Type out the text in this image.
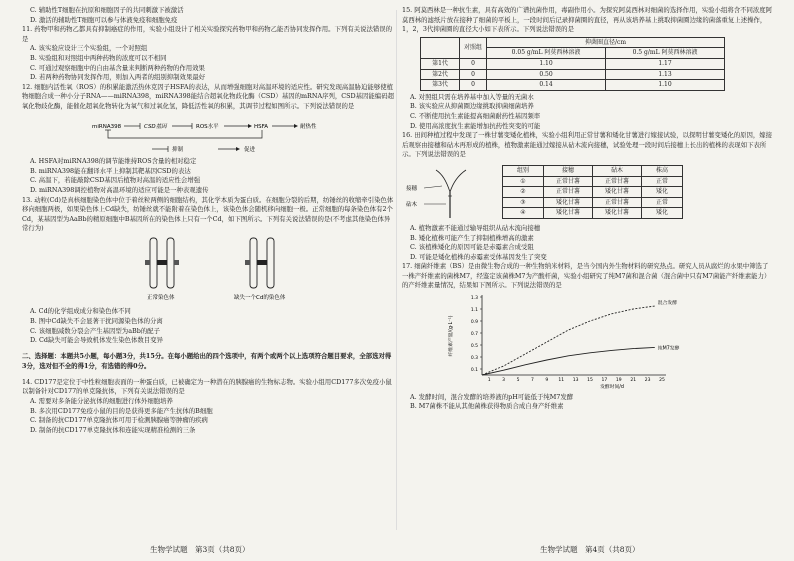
C. 辅助性T细胞在抗原和细胞因子的共同刺激下被激活

D. 激活的辅助性T细胞可以参与体液免疫和细胞免疫

11. 药物甲和药物乙都具有抑制癌症的作用，实验小组设计了相关实验探究药物甲和药物乙能否协同发挥作用。下列有关说法错误的是

A. 该实验应设计三个实验组，一个对照组

B. 实验组和对照组中两种药物的浓度可以不相同

C. 可通过观察细胞中的自由基含量来判断两种药物的作用效果

D. 若两种药物协同发挥作用，则加入两者的组别抑制效果最好

12. 细胞内活性氧（ROS）的积累能激活热休克因子HSFA的表达，从而增强细胞对高温环境的适应性。研究发现高温胁迫能够使植物细胞合成一种小分子RNA——miRNA398，miRNA398能结合超氧化物歧化酶（CSD）基因的mRNA序列，CSD基因能编码超氧化物歧化酶，能催化超氧化物转化为氧气和过氧化氢，降低活性氧的积累，其调节过程如图所示。下列说法错误的是

miRNA398	CSD基因	ROS水平	HSFA	耐热性
抑制	促进

A. HSFA对miRNA398的调节能维持ROS含量的相对稳定

B. miRNA398能在翻译水平上抑制其靶基因CSD的表达

C. 高温下，若能敲除CSD基因后植物对高温的适应性会增强

D. miRNA398调控植物对高温环境的适应可能是一种表观遗传

13. 动粒(Cd)是真核细胞染色体中位于着丝粒两侧的细胞结构，其化学本质为蛋白质。在细胞分裂的后期，纺锤丝的收缩牵引染色体移向细胞两极，如果染色体上Cd缺失，纺锤丝就不能附着在染色体上，该染色体会随机移向细胞一极。正常细胞的每条染色体有2个Cd，某基因型为AaBb的精原细胞中B基因所在的染色体上只有一个Cd，如下图所示。下列有关说法错误的是(不考虑其他染色体异常行为)

正常染色体	缺失一个Cd的染色体

A. Cd的化学组成成分和染色体不同

B. 图中Cd缺失不会显著干扰同源染色体的分离

C. 该细胞减数分裂会产生基因型为aBb的配子

D. Cd缺失可能会导致机体发生染色体数目变异

二、选择题：本题共5小题，每小题3分，共15分。在每小题给出的四个选项中，有两个或两个以上选项符合题目要求，全部选对得3分，选对但不全的得1分，有选错的得0分。

14. CD177是定位于中性粒细胞表面的一种蛋白质，已被确定为一种潜在的胰腺癌的生物标志物。实验小组用CD177多次免疫小鼠以制备针对CD177的单克隆抗体，下列有关说法错误的是

A. 需要对多条能分泌抗体的细胞进行体外细胞培养

B. 多次用CD177免疫小鼠的目的是获得更多能产生抗体的B细胞

C. 制备的抗CD177单克隆抗体可用于检测胰腺癌等肿瘤的疾病

D. 制备的抗CD177单克隆抗体和连能实现精准检测的三条

15. 阿莫西林是一种抗生素，具有高效的广谱抗菌作用，毒副作用小。为探究阿莫西林对细菌的选择作用，实验小组将含不同浓度阿莫西林的滤纸片放在接种了细菌的平板上，一段时间后记录抑菌圈的直径，再从该培养基上挑取抑菌圈边缘的菌落重复上述操作，1，2，3代抑菌圈的直径大小如下表所示。下列说法错误的是

	对照组	抑菌圈直径/cm	
		0.05 g/mL 阿莫西林溶液	0.5 g/mL 阿莫西林溶液
第1代	0	1.10	1.17
第2代	0	0.50	1.13
第3代	0	0.14	1.10

A. 对照组只需在培养基中加入等量的无菌水

B. 该实验应从抑菌圈边缘挑取抑菌细菌培养

C. 不断使用抗生素能提高细菌耐药性基因频率

D. 使用高浓度抗生素能增加抗药性突变的可能

16. 田间种植过程中发现了一株甘薯变矮化植株，实验小组利用正常甘薯和矮化甘薯进行嫁接试验，以探明甘薯变矮化的原因，嫁接后观察由接穗和砧木再形成的植株，植物激素能通过嫁接从砧木流向接穗，试验处理一段时间后接穗上长出的植株的表现如下表所示。下列说法错误的是

接穗
砧木
组别	接穗	砧木	株高
①	正常甘薯	正常甘薯	正常
②	正常甘薯	矮化甘薯	矮化
③	矮化甘薯	正常甘薯	正常
④	矮化甘薯	矮化甘薯	矮化

A. 植物激素不能通过输导组织从砧木流向接穗

B. 矮化植株可能产生了抑制植株增高的激素

C. 该植株矮化的原因可能是赤霉素合成受阻

D. 可能是矮化植株的赤霉素受体基因发生了突变

17. 细菌纤维素（BS）是由微生物合成的一种生物纳米材料，是当今国内外生物材料的研究热点。研究人员从腐烂的水果中筛选了一株产纤维素的菌株M7，经鉴定该菌株M7为产酸杆菌，实验小组研究了纯M7菌和混合菌（混合菌中只有M7菌能产纤维素能力）的产纤维素量情况，结果如下图所示。下列说法错误的是

0.1
0.3
0.5
0.7
0.9
1.1
1.3
1	3	5	7	9 11 13 15 17 19 21 23 25
纤维素产量/(g·L⁻¹)
发酵时间/d
混合发酵
纯M7发酵

A. 发酵时间，混合发酵的培养液的pH可能低于纯M7发酵

B. M7菌株不能从其他菌株获得物质合成自身产纤维素

生物学试题　第3页（共8页）	生物学试题　第4页（共8页）
